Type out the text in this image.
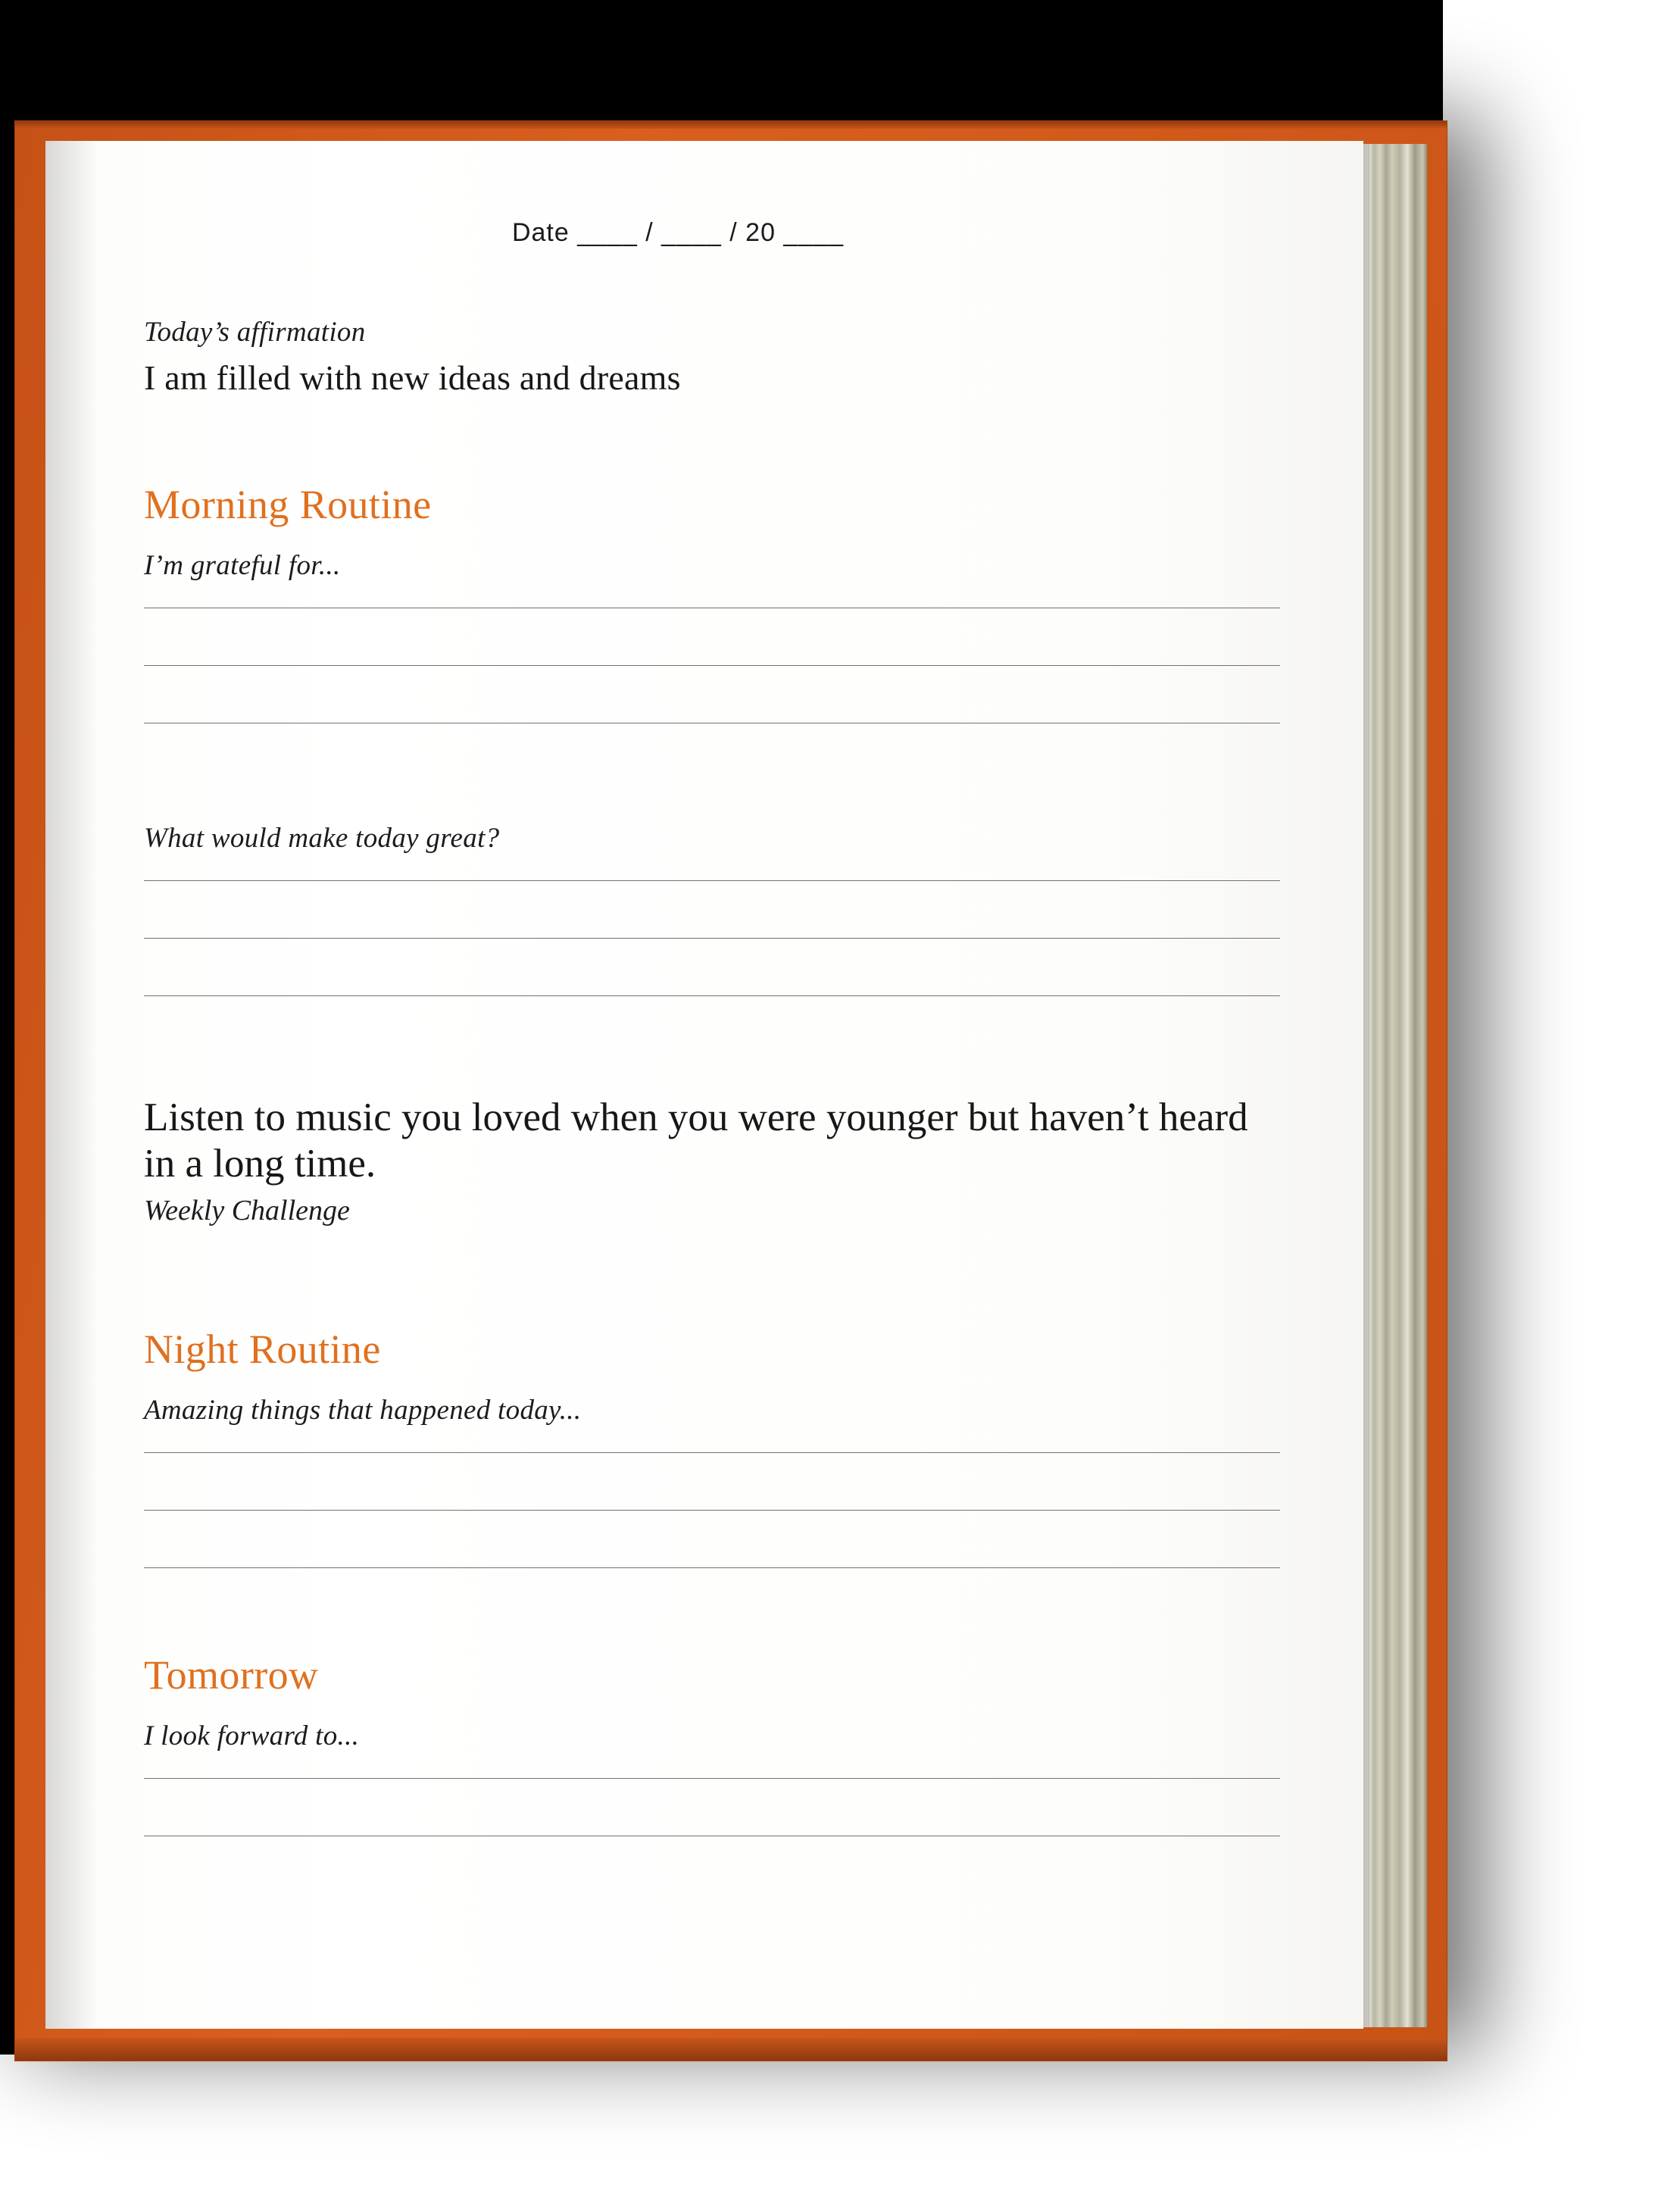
Date ____ / ____ / 20 ____
Today’s affirmation
I am filled with new ideas and dreams
Morning Routine
I’m grateful for...
What would make today great?
Listen to music you loved when you were younger but haven’t heard in a long time.
Weekly Challenge
Night Routine
Amazing things that happened today...
Tomorrow
I look forward to...
